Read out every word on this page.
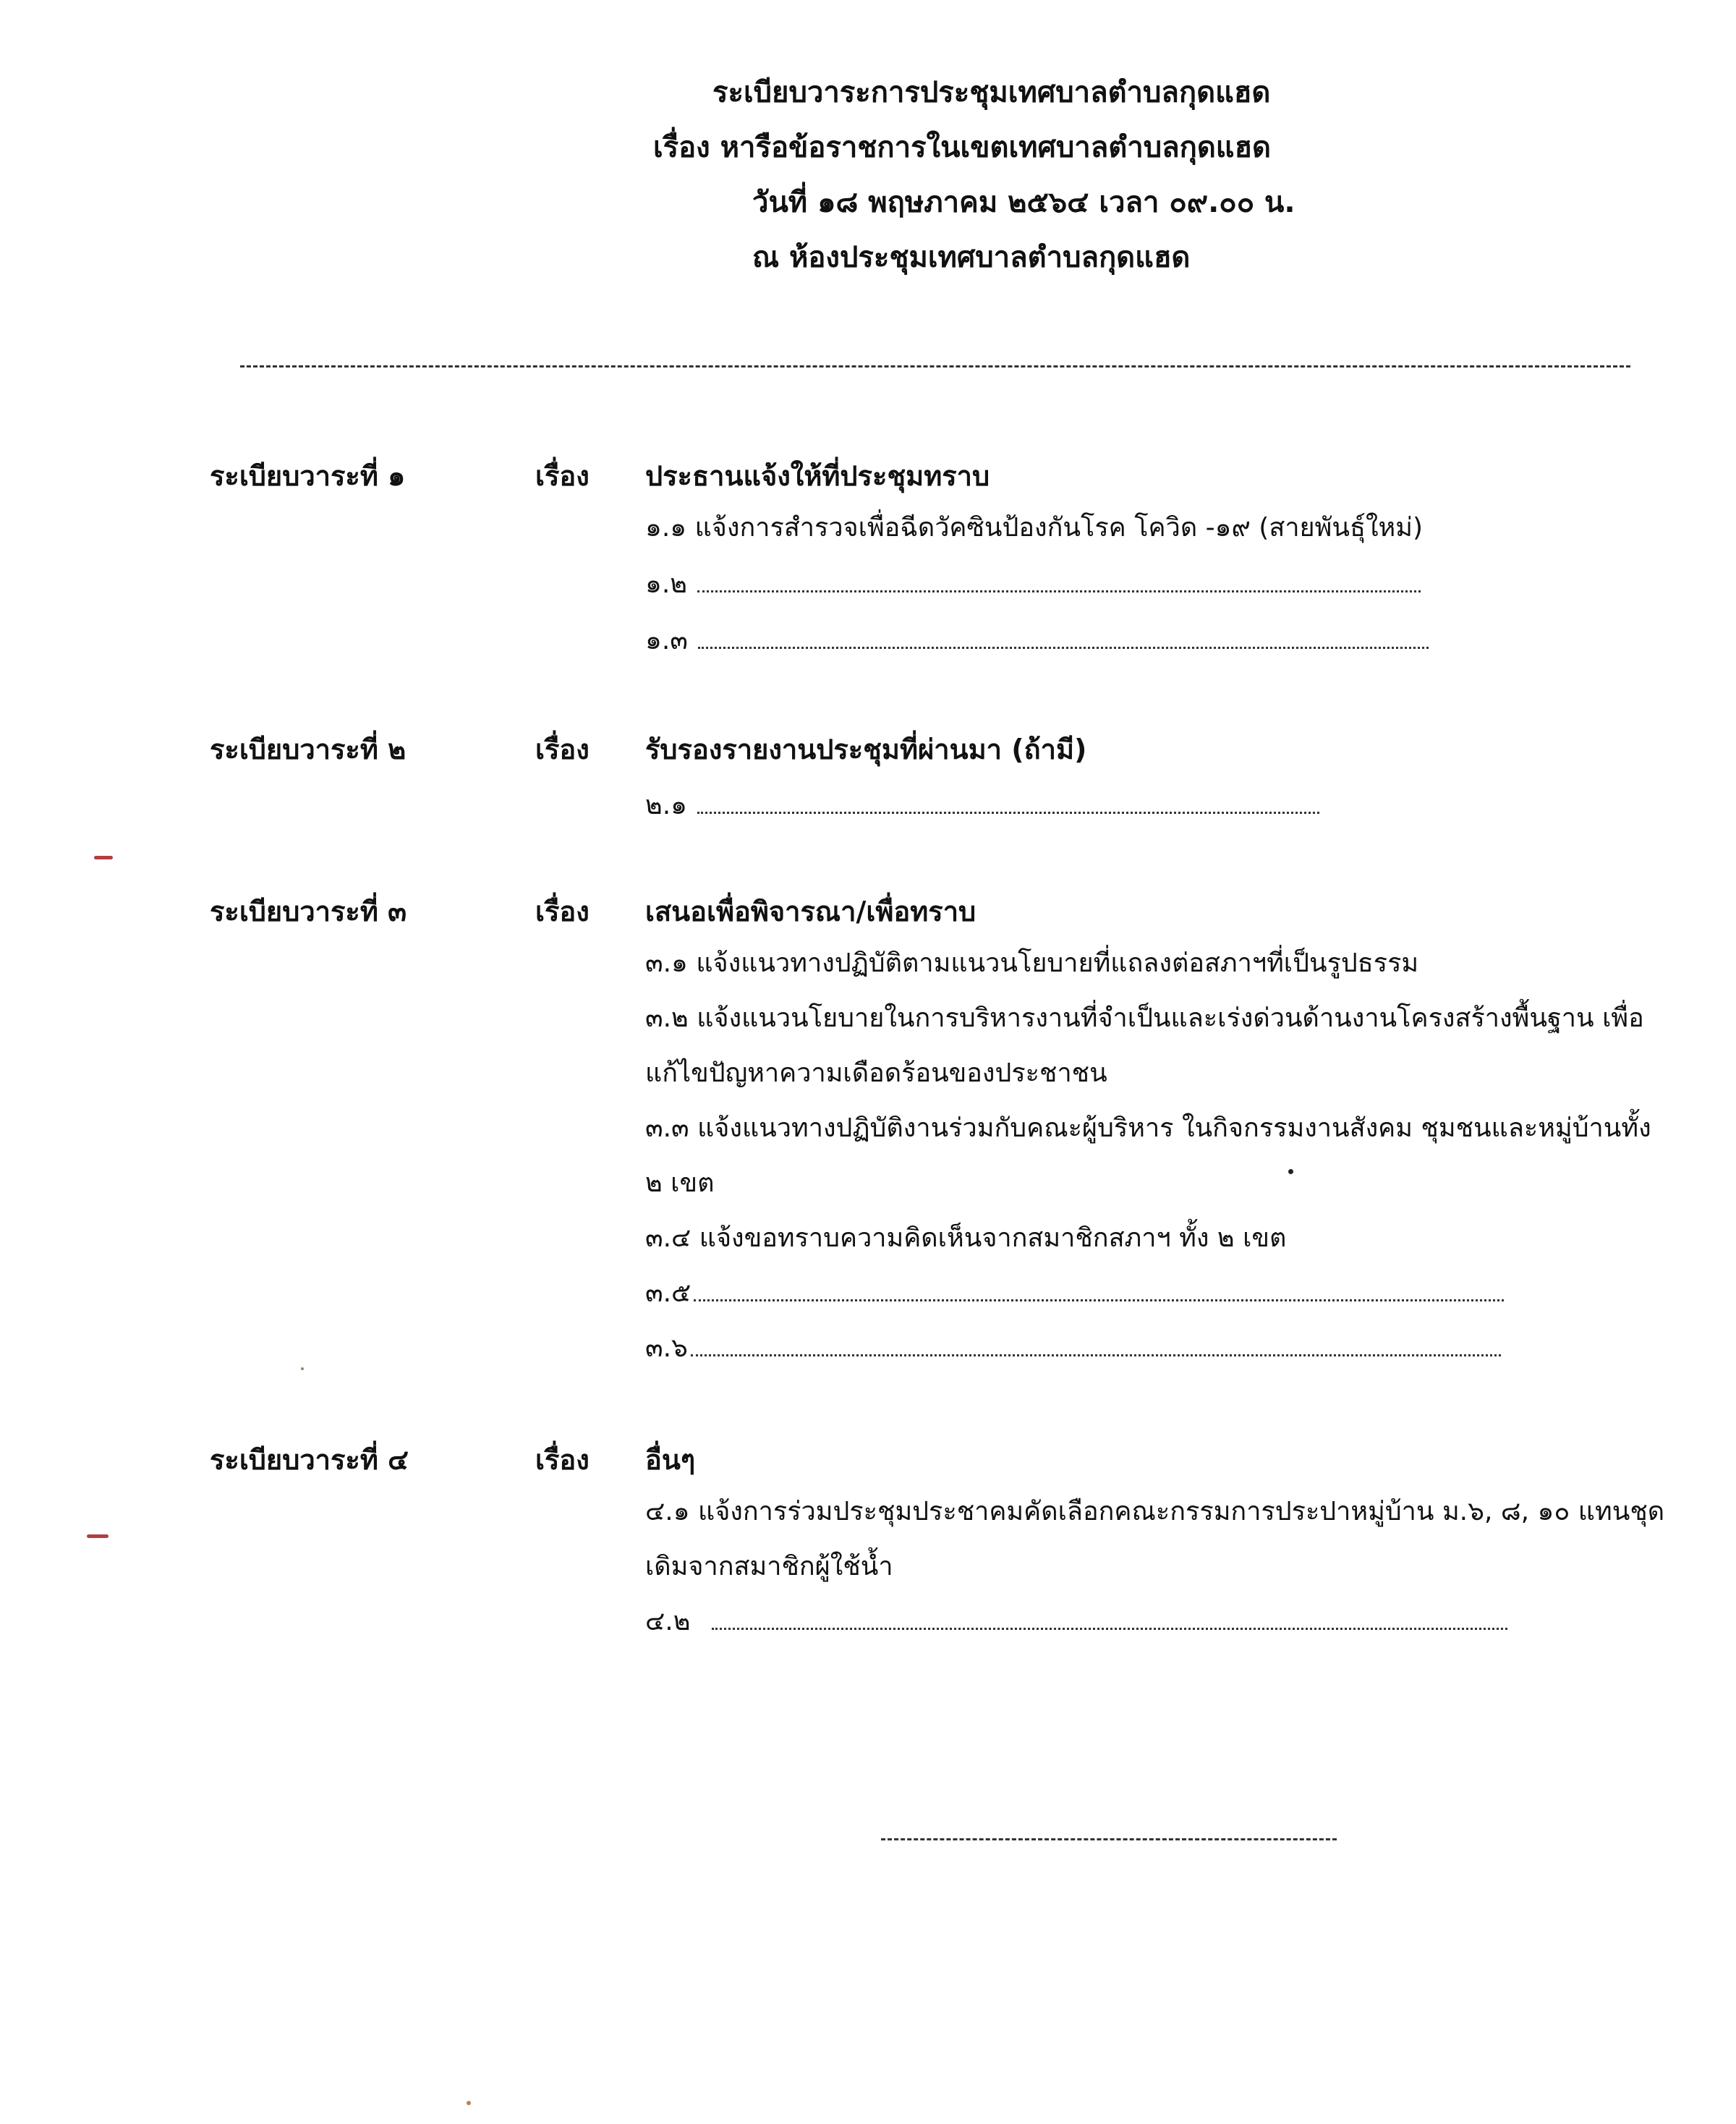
ระเบียบวาระการประชุมเทศบาลตำบลกุดแฮด
เรื่อง หารือข้อราชการในเขตเทศบาลตำบลกุดแฮด
วันที่ ๑๘ พฤษภาคม ๒๕๖๔ เวลา ๐๙.๐๐ น.
ณ ห้องประชุมเทศบาลตำบลกุดแฮด
ระเบียบวาระที่ ๑	เรื่อง ประธานแจ้งให้ที่ประชุมทราบ
๑.๑ แจ้งการสำรวจเพื่อฉีดวัคซินป้องกันโรค โควิด -๑๙ (สายพันธุ์ใหม่)
๑.๒
๑.๓
ระเบียบวาระที่ ๒	เรื่อง รับรองรายงานประชุมที่ผ่านมา (ถ้ามี)
๒.๑
ระเบียบวาระที่ ๓	เรื่อง เสนอเพื่อพิจารณา/เพื่อทราบ
๓.๑ แจ้งแนวทางปฏิบัติตามแนวนโยบายที่แถลงต่อสภาฯที่เป็นรูปธรรม
๓.๒ แจ้งแนวนโยบายในการบริหารงานที่จำเป็นและเร่งด่วนด้านงานโครงสร้างพื้นฐาน เพื่อแก้ไขปัญหาความเดือดร้อนของประชาชน
๓.๓ แจ้งแนวทางปฏิบัติงานร่วมกับคณะผู้บริหาร ในกิจกรรมงานสังคม ชุมชนและหมู่บ้านทั้ง ๒ เขต
๓.๔ แจ้งขอทราบความคิดเห็นจากสมาชิกสภาฯ ทั้ง ๒ เขต
๓.๕
๓.๖
ระเบียบวาระที่ ๔	เรื่อง อื่นๆ
๔.๑ แจ้งการร่วมประชุมประชาคมคัดเลือกคณะกรรมการประปาหมู่บ้าน ม.๖, ๘, ๑๐ แทนชุดเดิมจากสมาชิกผู้ใช้น้ำ
๔.๒
